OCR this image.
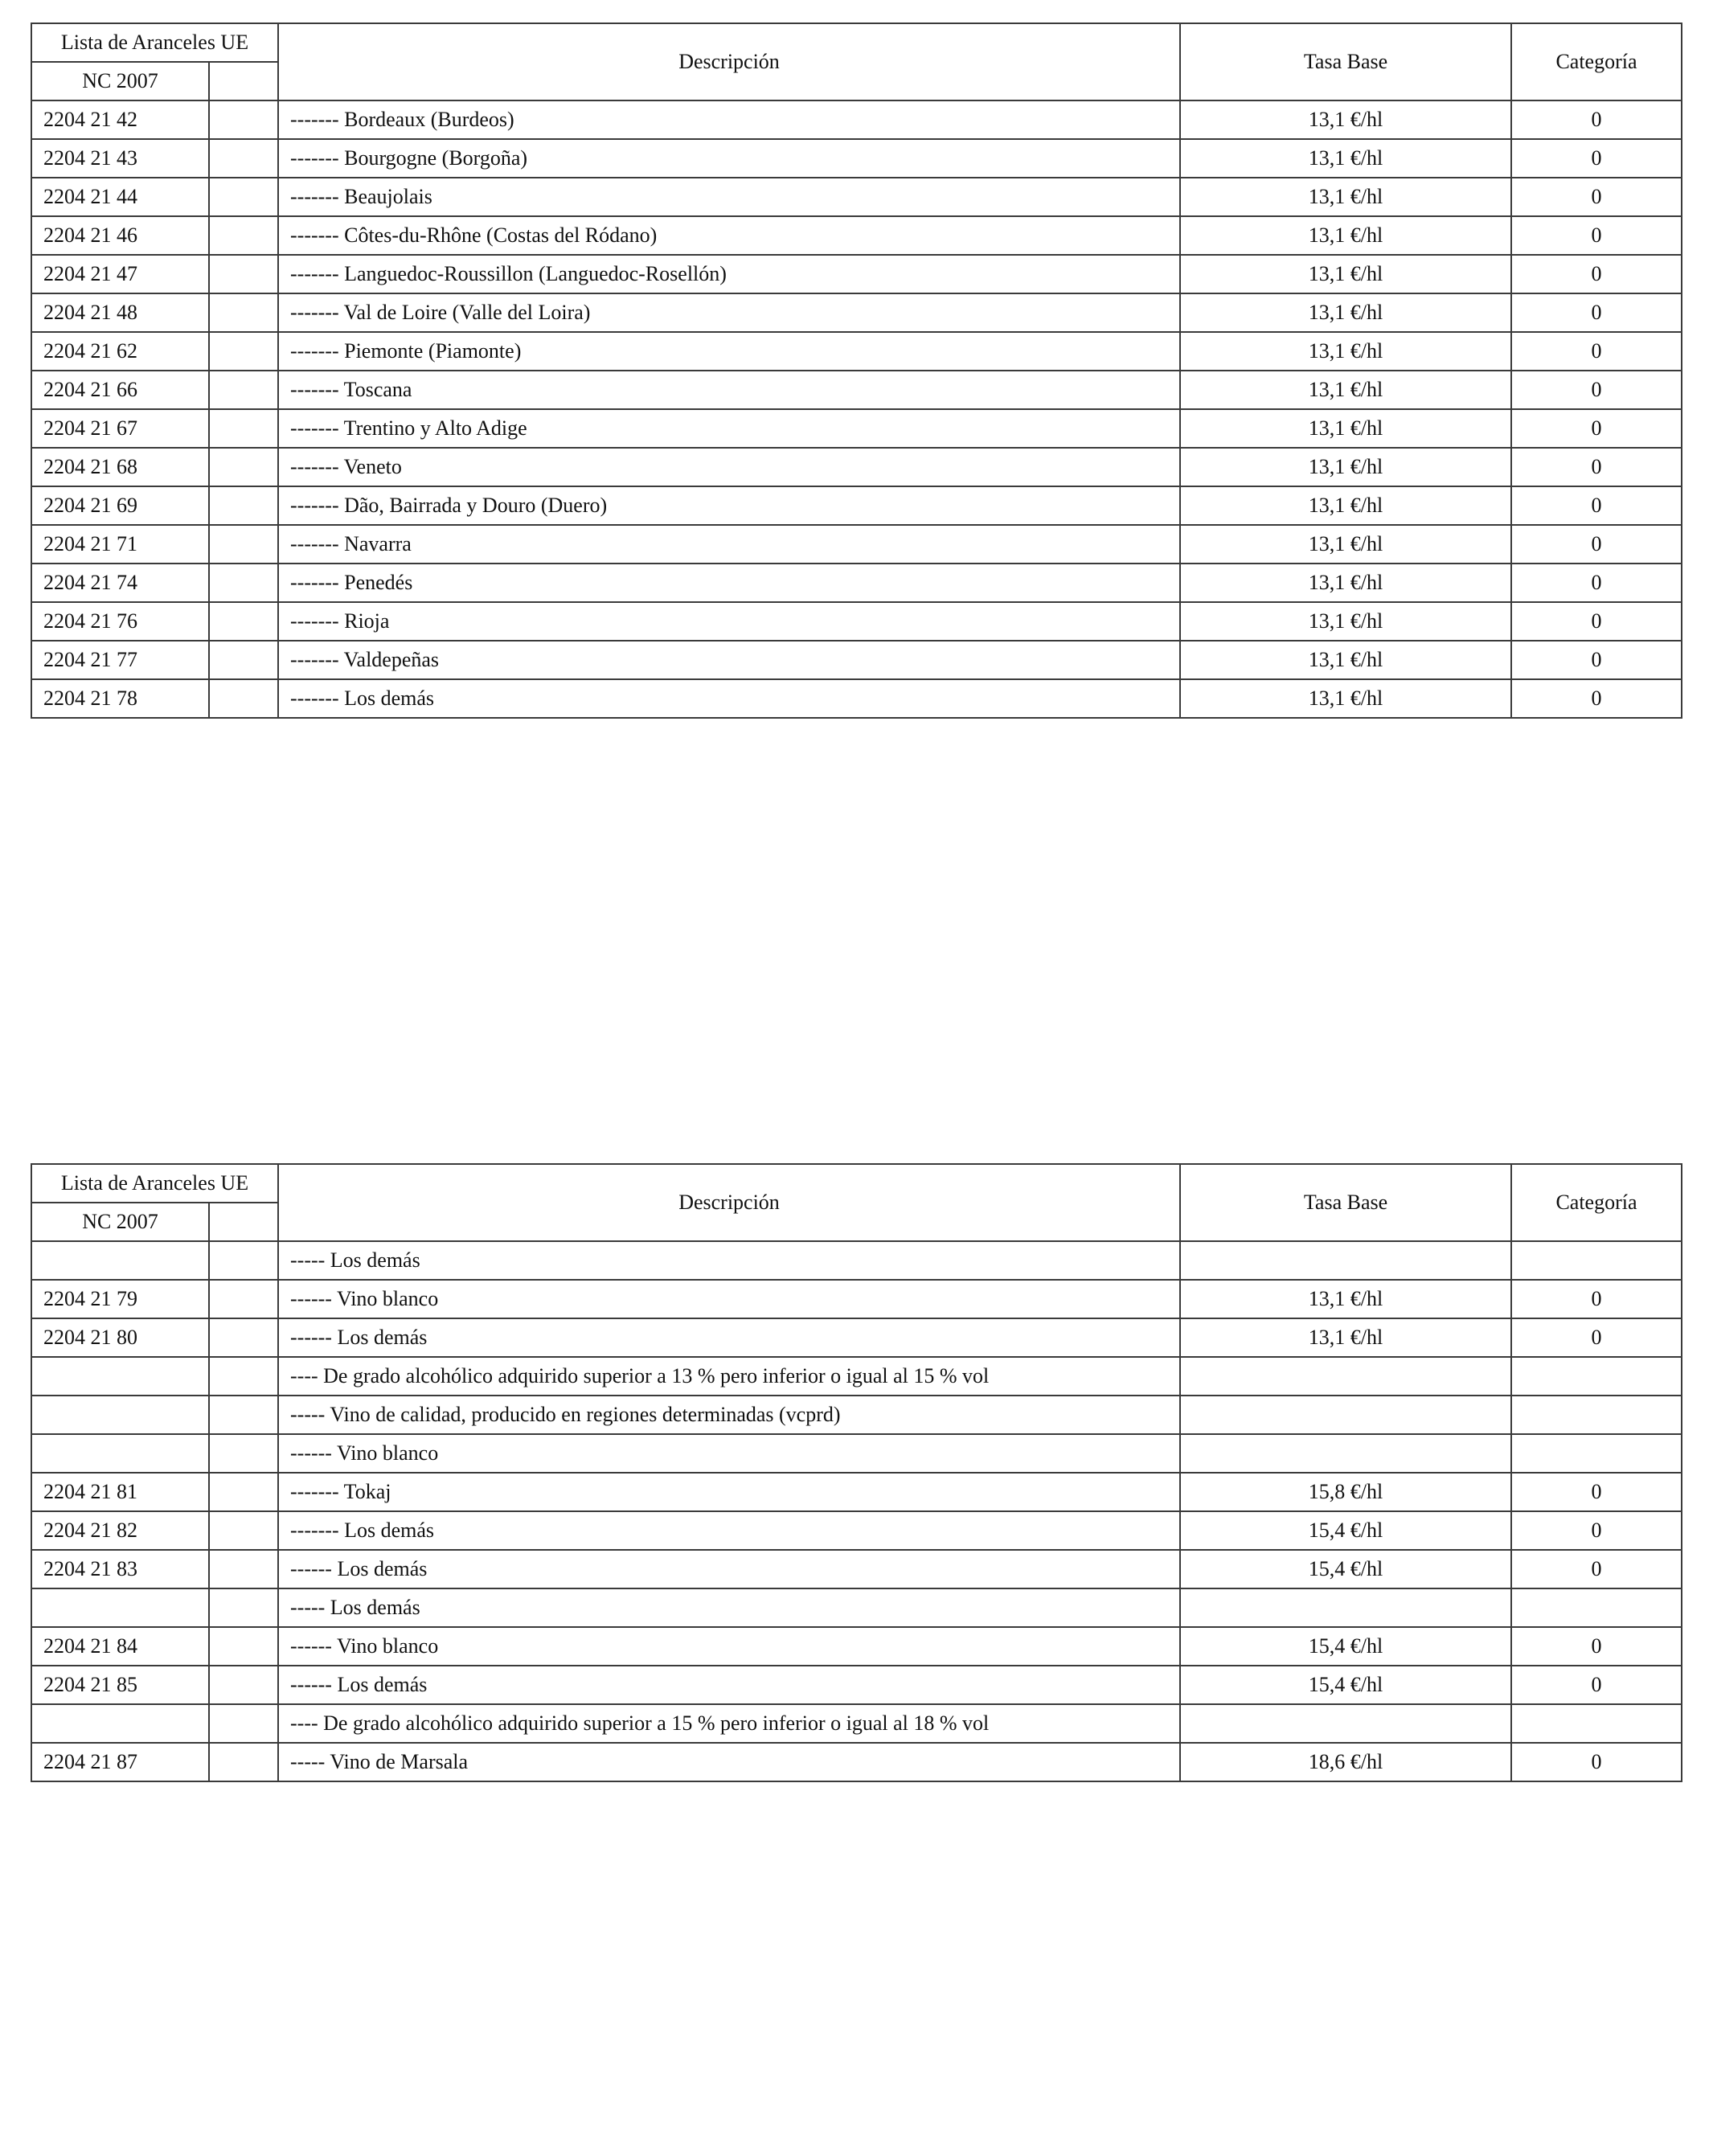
Lista de Aranceles UE		Descripción	Tasa Base	Categoría
NC 2007				
2204 21 42		------- Bordeaux (Burdeos)	13,1 €/hl	0
2204 21 43		------- Bourgogne (Borgoña)	13,1 €/hl	0
2204 21 44		------- Beaujolais	13,1 €/hl	0
2204 21 46		------- Côtes-du-Rhône (Costas del Ródano)	13,1 €/hl	0
2204 21 47		------- Languedoc-Roussillon (Languedoc-Rosellón)	13,1 €/hl	0
2204 21 48		------- Val de Loire (Valle del Loira)	13,1 €/hl	0
2204 21 62		------- Piemonte (Piamonte)	13,1 €/hl	0
2204 21 66		------- Toscana	13,1 €/hl	0
2204 21 67		------- Trentino y Alto Adige	13,1 €/hl	0
2204 21 68		------- Veneto	13,1 €/hl	0
2204 21 69		------- Dão, Bairrada y Douro (Duero)	13,1 €/hl	0
2204 21 71		------- Navarra	13,1 €/hl	0
2204 21 74		------- Penedés	13,1 €/hl	0
2204 21 76		------- Rioja	13,1 €/hl	0
2204 21 77		------- Valdepeñas	13,1 €/hl	0
2204 21 78		------- Los demás	13,1 €/hl	0
Lista de Aranceles UE		Descripción	Tasa Base	Categoría
NC 2007				
		----- Los demás		
2204 21 79		------ Vino blanco	13,1 €/hl	0
2204 21 80		------ Los demás	13,1 €/hl	0
		---- De grado alcohólico adquirido superior a 13 % pero inferior o igual al 15 % vol		
		----- Vino de calidad, producido en regiones determinadas (vcprd)		
		------ Vino blanco		
2204 21 81		------- Tokaj	15,8 €/hl	0
2204 21 82		------- Los demás	15,4 €/hl	0
2204 21 83		------ Los demás	15,4 €/hl	0
		----- Los demás		
2204 21 84		------ Vino blanco	15,4 €/hl	0
2204 21 85		------ Los demás	15,4 €/hl	0
		---- De grado alcohólico adquirido superior a 15 % pero inferior o igual al 18 % vol		
2204 21 87		----- Vino de Marsala	18,6 €/hl	0
